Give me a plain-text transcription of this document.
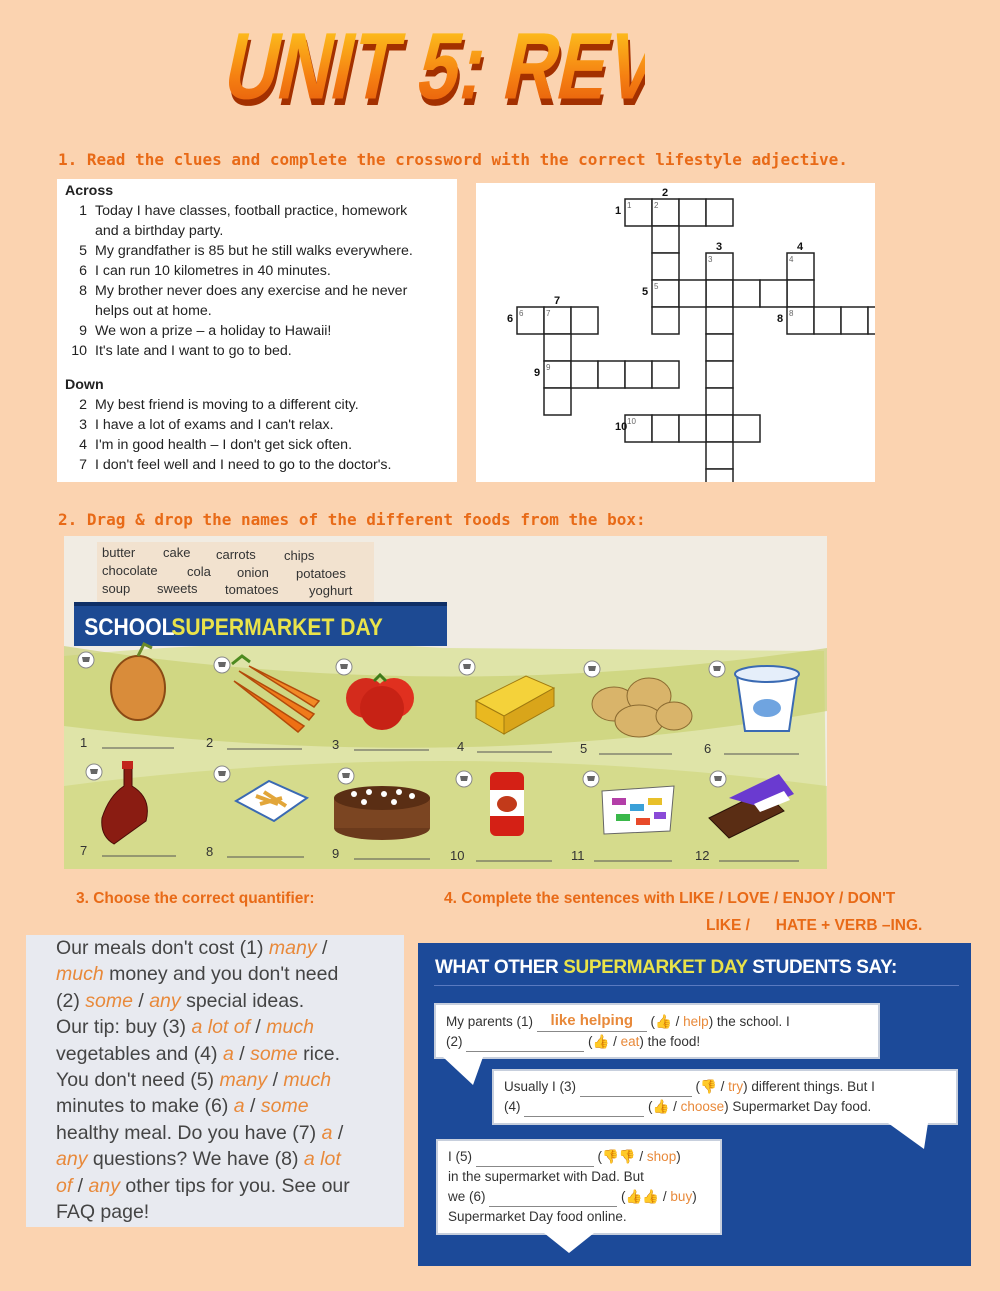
UNIT 5: REVIEW
UNIT 5: REVIEW
1. Read the clues and complete the crossword with the correct lifestyle adjective.
Across
1 Today I have classes, football practice, homework
and a birthday party.
5 My grandfather is 85 but he still walks everywhere.
6 I can run 10 kilometres in 40 minutes.
8 My brother never does any exercise and he never
helps out at home.
9 We won a prize – a holiday to Hawaii!
10 It's late and I want to go to bed.
Down
2 My best friend is moving to a different city.
3 I have a lot of exams and I can't relax.
4 I'm in good health – I don't get sick often.
7 I don't feel well and I need to go to the doctor's.
1
1	2
2
3
3
4
4
5
5
6
6	7
7
8
8
9
9
10
10
2. Drag & drop the names of the different foods from the box:
SCHOOL
SUPERMARKET DAY
1	2	3	4	5	6
7	8	9	10	11	12
butter cake carrots chips
chocolate cola onion potatoes
soup sweets tomatoes yoghurt
3. Choose the correct quantifier:
Our meals don't cost (1) many /
much money and you don't need
(2) some / any special ideas.
Our tip: buy (3) a lot of / much
vegetables and (4) a / some rice.
You don't need (5) many / much
minutes to make (6) a / some
healthy meal. Do you have (7) a /
any questions? We have (8) a lot
of / any other tips for you. See our
FAQ page!
4. Complete the sentences with LIKE / LOVE / ENJOY / DON'T
LIKE /      HATE + VERB –ING.
WHAT OTHER SUPERMARKET DAY STUDENTS SAY:
My parents (1) like helping (👍 / help) the school. I
(2)	(👍 / eat) the food!
Usually I (3)	(👎 / try) different things. But I
(4)	(👍 / choose) Supermarket Day food.
I (5)	(👎👎 / shop)
in the supermarket with Dad. But
we (6)	(👍👍 / buy)
Supermarket Day food online.
